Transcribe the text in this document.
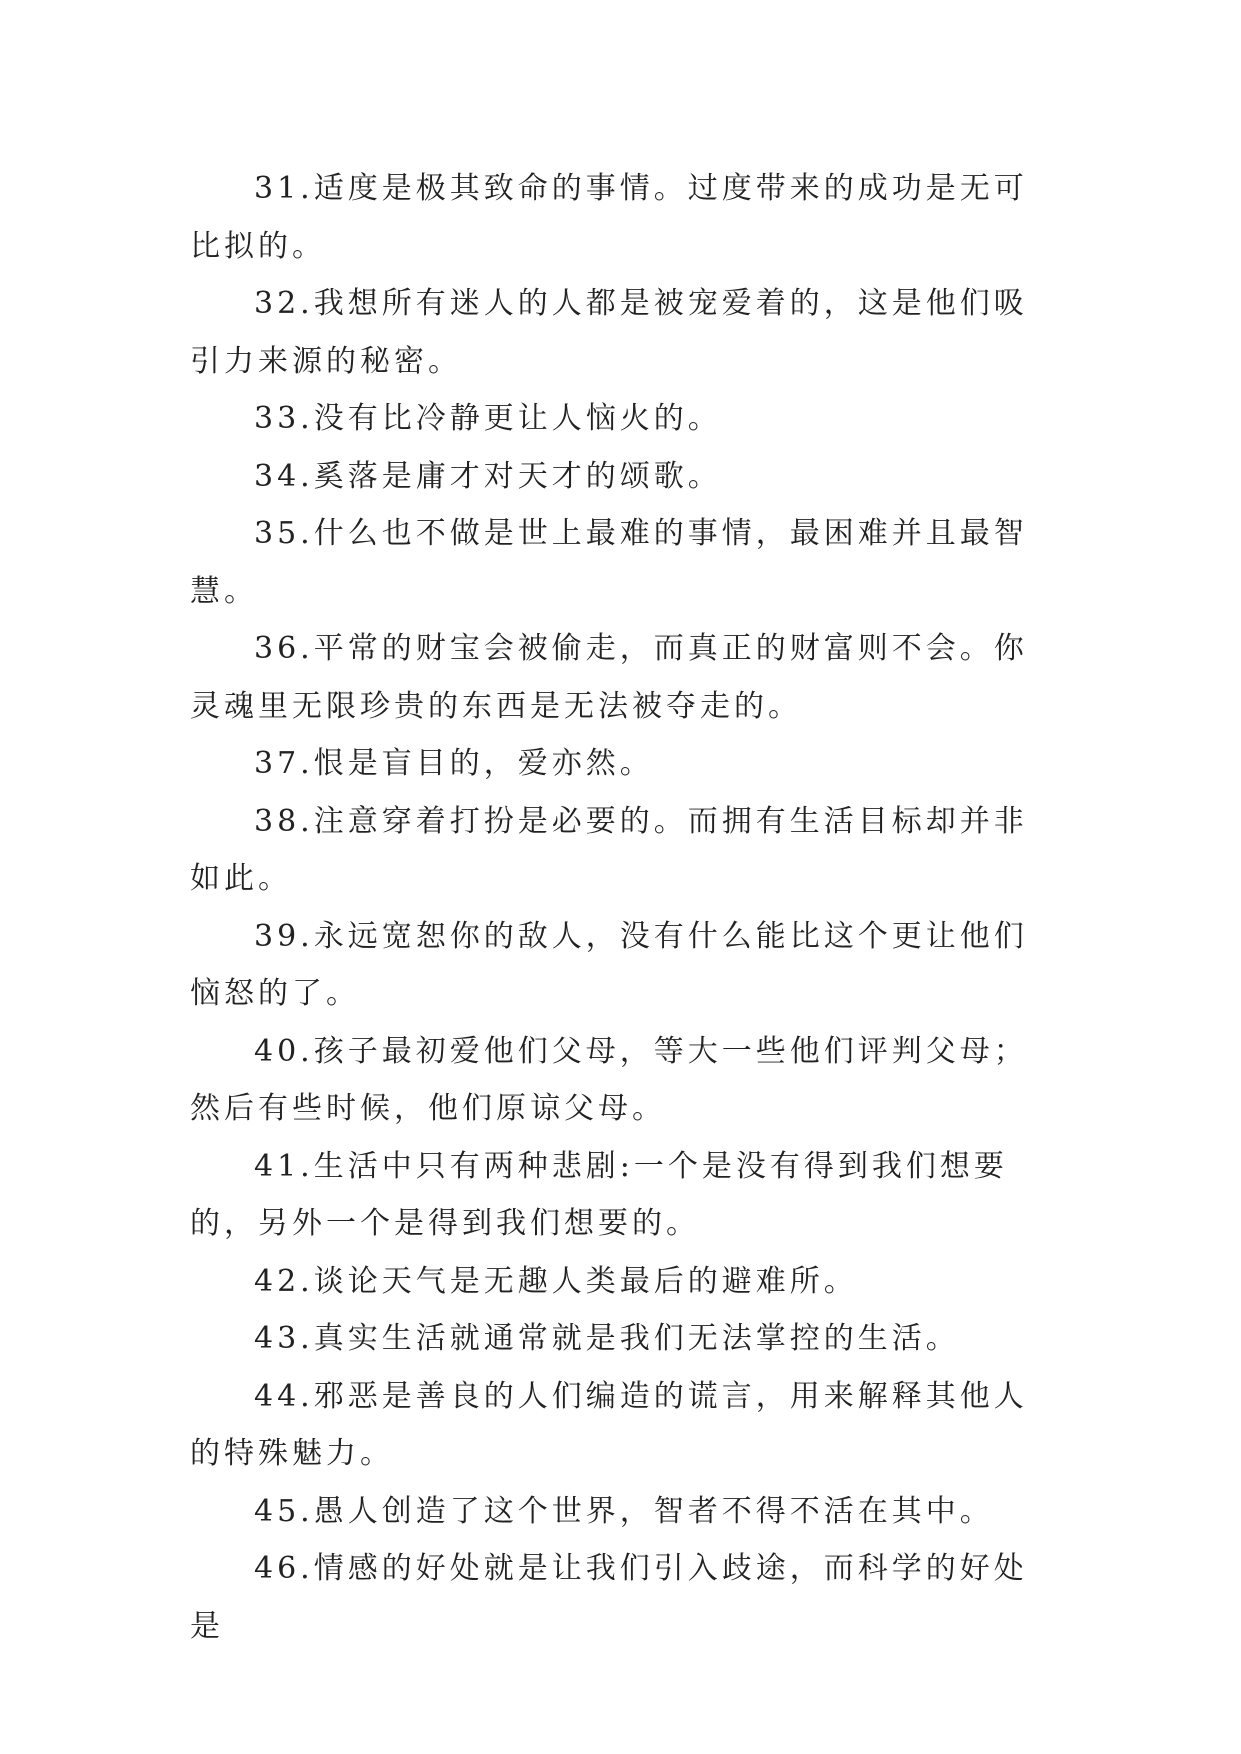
31.适度是极其致命的事情。过度带来的成功是无可比拟的。

32.我想所有迷人的人都是被宠爱着的，这是他们吸引力来源的秘密。

33.没有比冷静更让人恼火的。

34.奚落是庸才对天才的颂歌。

35.什么也不做是世上最难的事情，最困难并且最智慧。

36.平常的财宝会被偷走，而真正的财富则不会。你灵魂里无限珍贵的东西是无法被夺走的。

37.恨是盲目的，爱亦然。

38.注意穿着打扮是必要的。而拥有生活目标却并非如此。

39.永远宽恕你的敌人，没有什么能比这个更让他们恼怒的了。

40.孩子最初爱他们父母，等大一些他们评判父母；然后有些时候，他们原谅父母。

41.生活中只有两种悲剧:一个是没有得到我们想要的，另外一个是得到我们想要的。

42.谈论天气是无趣人类最后的避难所。

43.真实生活就通常就是我们无法掌控的生活。

44.邪恶是善良的人们编造的谎言，用来解释其他人的特殊魅力。

45.愚人创造了这个世界，智者不得不活在其中。

46.情感的好处就是让我们引入歧途，而科学的好处是
